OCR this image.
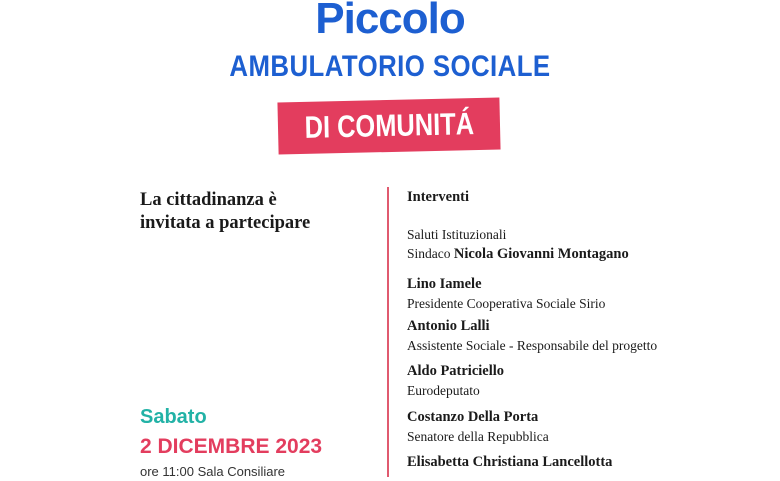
Piccolo
AMBULATORIO SOCIALE
DI COMUNITÁ
La cittadinanza è
invitata a partecipare
Sabato
2 DICEMBRE 2023
ore 11:00 Sala Consiliare
Interventi
Saluti Istituzionali
Sindaco Nicola Giovanni Montagano
Lino Iamele
Presidente Cooperativa Sociale Sirio
Antonio Lalli
Assistente Sociale - Responsabile del progetto
Aldo Patriciello
Eurodeputato
Costanzo Della Porta
Senatore della Repubblica
Elisabetta Christiana Lancellotta
